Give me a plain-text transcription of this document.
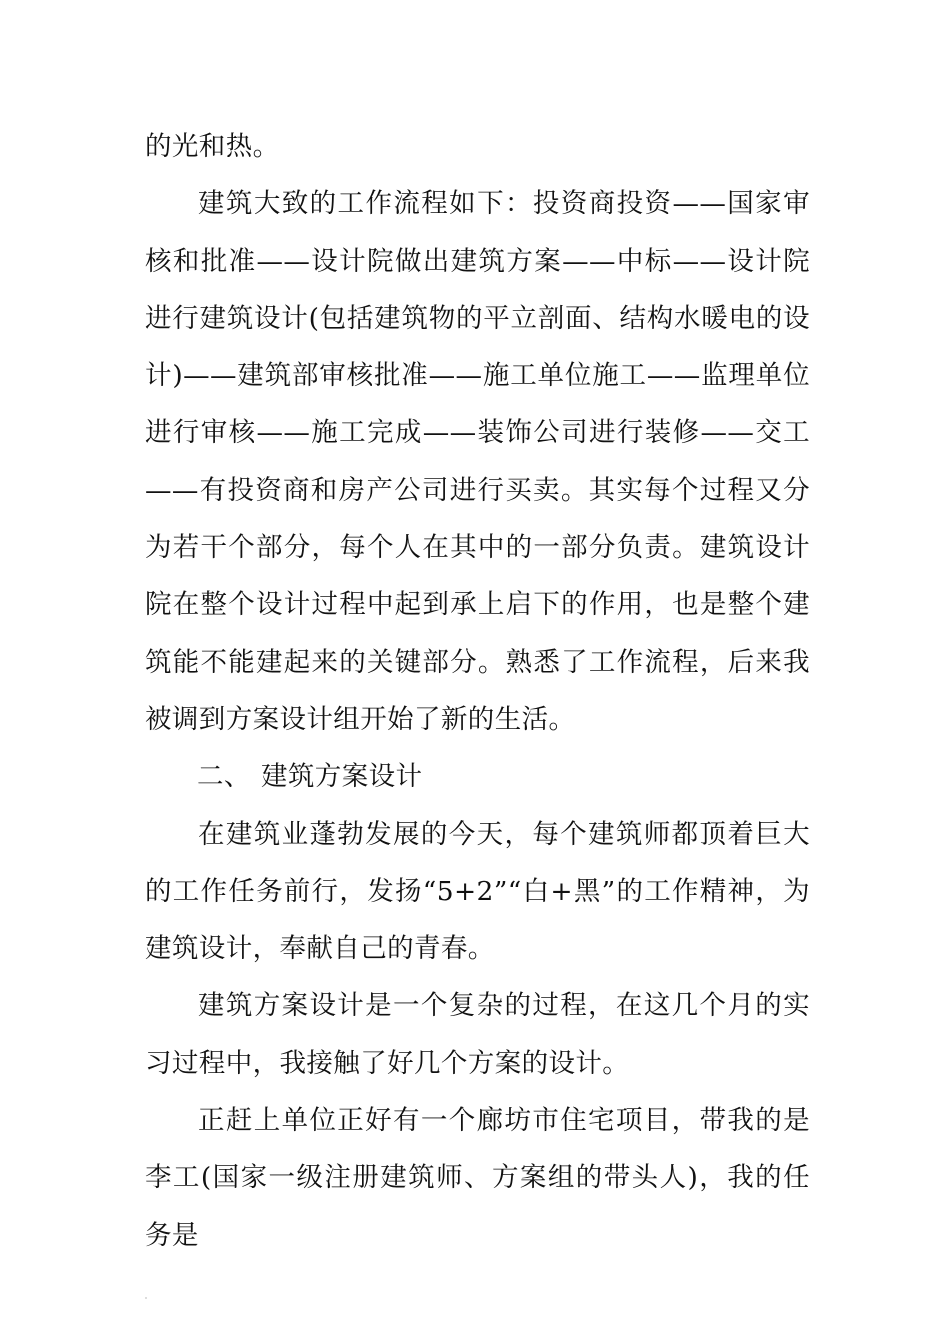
的光和热。

建筑大致的工作流程如下：投资商投资——国家审核和批准——设计院做出建筑方案——中标——设计院进行建筑设计(包括建筑物的平立剖面、结构水暖电的设计)——建筑部审核批准——施工单位施工——监理单位进行审核——施工完成——装饰公司进行装修——交工——有投资商和房产公司进行买卖。其实每个过程又分为若干个部分，每个人在其中的一部分负责。建筑设计院在整个设计过程中起到承上启下的作用，也是整个建筑能不能建起来的关键部分。熟悉了工作流程，后来我被调到方案设计组开始了新的生活。

二、 建筑方案设计

在建筑业蓬勃发展的今天，每个建筑师都顶着巨大的工作任务前行，发扬“5+2”“白+黑”的工作精神，为建筑设计，奉献自己的青春。

建筑方案设计是一个复杂的过程，在这几个月的实习过程中，我接触了好几个方案的设计。

正赶上单位正好有一个廊坊市住宅项目，带我的是李工(国家一级注册建筑师、方案组的带头人)，我的任务是
